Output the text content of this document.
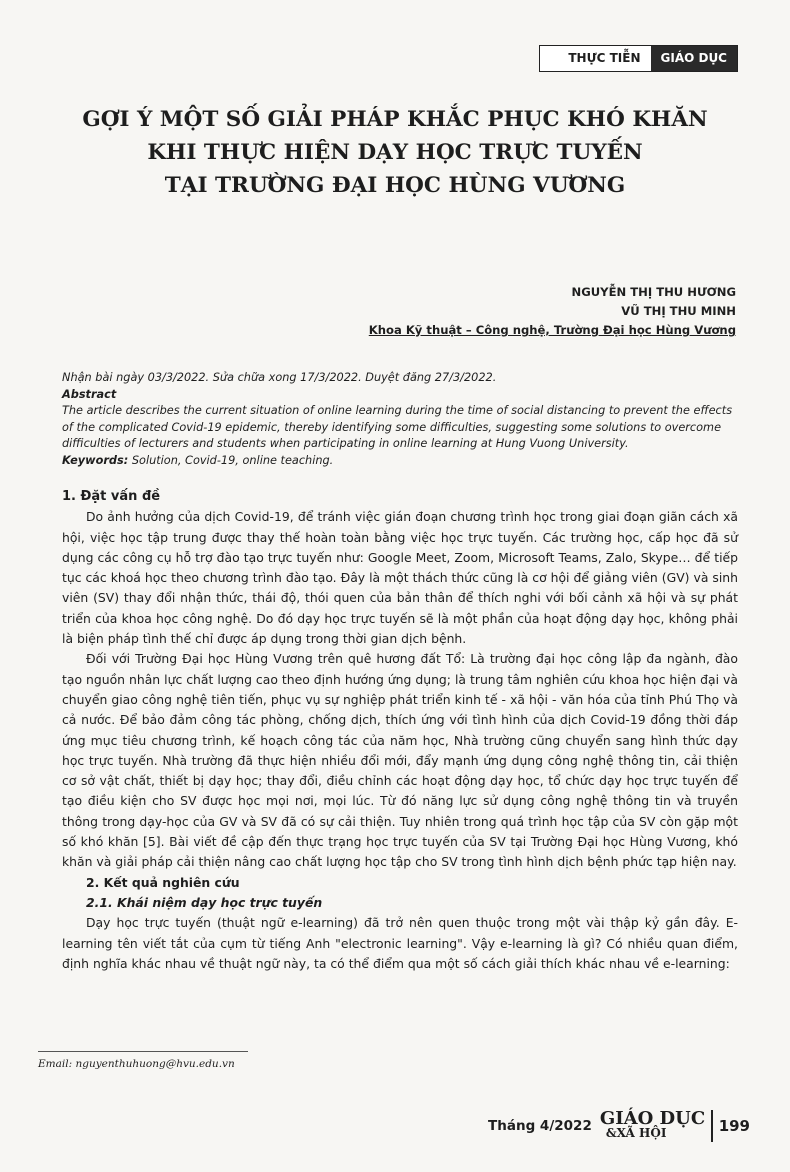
THỰC TIỄN	GIÁO DỤC
GỢI Ý MỘT SỐ GIẢI PHÁP KHẮC PHỤC KHÓ KHĂN
KHI THỰC HIỆN DẠY HỌC TRỰC TUYẾN
TẠI TRƯỜNG ĐẠI HỌC HÙNG VƯƠNG
NGUYỄN THỊ THU HƯƠNG
VŨ THỊ THU MINH
Khoa Kỹ thuật – Công nghệ, Trường Đại học Hùng Vương
Nhận bài ngày 03/3/2022. Sửa chữa xong 17/3/2022. Duyệt đăng 27/3/2022.
Abstract
The article describes the current situation of online learning during the time of social distancing to prevent the effects of the complicated Covid-19 epidemic, thereby identifying some difficulties, suggesting some solutions to overcome difficulties of lecturers and students when participating in online learning at Hung Vuong University.
Keywords: Solution, Covid-19, online teaching.
1. Đặt vấn đề

Do ảnh hưởng của dịch Covid-19, để tránh việc gián đoạn chương trình học trong giai đoạn giãn cách xã hội, việc học tập trung được thay thế hoàn toàn bằng việc học trực tuyến. Các trường học, cấp học đã sử dụng các công cụ hỗ trợ đào tạo trực tuyến như: Google Meet, Zoom, Microsoft Teams, Zalo, Skype… để tiếp tục các khoá học theo chương trình đào tạo. Đây là một thách thức cũng là cơ hội để giảng viên (GV) và sinh viên (SV) thay đổi nhận thức, thái độ, thói quen của bản thân để thích nghi với bối cảnh xã hội và sự phát triển của khoa học công nghệ. Do đó dạy học trực tuyến sẽ là một phần của hoạt động dạy học, không phải là biện pháp tình thế chỉ được áp dụng trong thời gian dịch bệnh.

Đối với Trường Đại học Hùng Vương trên quê hương đất Tổ: Là trường đại học công lập đa ngành, đào tạo nguồn nhân lực chất lượng cao theo định hướng ứng dụng; là trung tâm nghiên cứu khoa học hiện đại và chuyển giao công nghệ tiên tiến, phục vụ sự nghiệp phát triển kinh tế - xã hội - văn hóa của tỉnh Phú Thọ và cả nước. Để bảo đảm công tác phòng, chống dịch, thích ứng với tình hình của dịch Covid-19 đồng thời đáp ứng mục tiêu chương trình, kế hoạch công tác của năm học, Nhà trường cũng chuyển sang hình thức dạy học trực tuyến. Nhà trường đã thực hiện nhiều đổi mới, đẩy mạnh ứng dụng công nghệ thông tin, cải thiện cơ sở vật chất, thiết bị dạy học; thay đổi, điều chỉnh các hoạt động dạy học, tổ chức dạy học trực tuyến để tạo điều kiện cho SV được học mọi nơi, mọi lúc. Từ đó năng lực sử dụng công nghệ thông tin và truyền thông trong dạy-học của GV và SV đã có sự cải thiện. Tuy nhiên trong quá trình học tập của SV còn gặp một số khó khăn [5]. Bài viết đề cập đến thực trạng học trực tuyến của SV tại Trường Đại học Hùng Vương, khó khăn và giải pháp cải thiện nâng cao chất lượng học tập cho SV trong tình hình dịch bệnh phức tạp hiện nay.

2. Kết quả nghiên cứu
2.1. Khái niệm dạy học trực tuyến

Dạy học trực tuyến (thuật ngữ e-learning) đã trở nên quen thuộc trong một vài thập kỷ gần đây. E-learning tên viết tắt của cụm từ tiếng Anh "electronic learning". Vậy e-learning là gì? Có nhiều quan điểm, định nghĩa khác nhau về thuật ngữ này, ta có thể điểm qua một số cách giải thích khác nhau về e-learning:

Email: nguyenthuhuong@hvu.edu.vn
Tháng 4/2022 GIÁO DỤC
&XÃ HỘI	199
